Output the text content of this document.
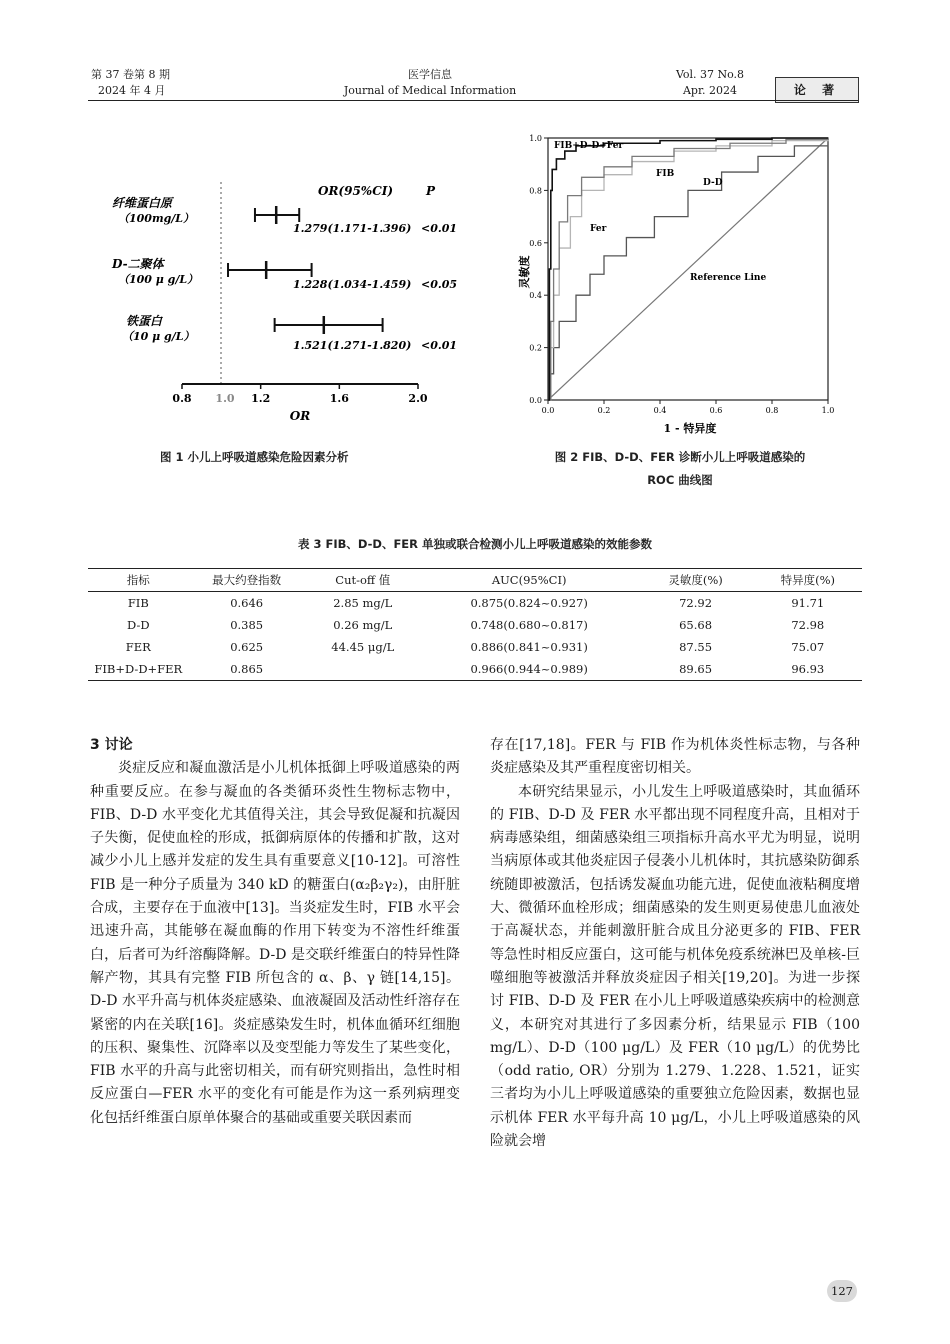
第 37 卷第 8 期
2024 年 4 月
医学信息
Journal of Medical Information
Vol. 37 No.8
Apr. 2024	论 著
OR(95%CI)	P
纤维蛋白原
（100mg/L）
D-二聚体
（100 μ g/L）
铁蛋白
（10 μ g/L）
1.279(1.171-1.396) <0.01
1.228(1.034-1.459) <0.05
1.521(1.271-1.820) <0.01
0.8	1.2	1.6	2.0
1.0
OR
图 1 小儿上呼吸道感染危险因素分析
0.0	0.2	0.4	0.6	0.8	1.0
0.0
0.2
0.4
0.6
0.8
1.0
FIB+D-D+Fer
FIB
D-D
Fer
Reference Line
灵敏度
1 - 特异度
图 2 FIB、D-D、FER 诊断小儿上呼吸道感染的
ROC 曲线图
表 3 FIB、D-D、FER 单独或联合检测小儿上呼吸道感染的效能参数
指标	最大约登指数	Cut-off 值	AUC(95%CI)	灵敏度(%)	特异度(%)
FIB	0.646	2.85 mg/L	0.875(0.824~0.927)	72.92	91.71
D-D	0.385	0.26 mg/L	0.748(0.680~0.817)	65.68	72.98
FER	0.625	44.45 μg/L	0.886(0.841~0.931)	87.55	75.07
FIB+D-D+FER	0.865		0.966(0.944~0.989)	89.65	96.93

3 讨论

炎症反应和凝血激活是小儿机体抵御上呼吸道感染的两种重要反应。在参与凝血的各类循环炎性生物标志物中，FIB、D-D 水平变化尤其值得关注，其会导致促凝和抗凝因子失衡，促使血栓的形成，抵御病原体的传播和扩散，这对减少小儿上感并发症的发生具有重要意义[10-12]。可溶性 FIB 是一种分子质量为 340 kD 的糖蛋白(α₂β₂γ₂)，由肝脏合成，主要存在于血液中[13]。当炎症发生时，FIB 水平会迅速升高，其能够在凝血酶的作用下转变为不溶性纤维蛋白，后者可为纤溶酶降解。D-D 是交联纤维蛋白的特异性降解产物，其具有完整 FIB 所包含的 α、β、γ 链[14,15]。D-D 水平升高与机体炎症感染、血液凝固及活动性纤溶存在紧密的内在关联[16]。炎症感染发生时，机体血循环红细胞的压积、聚集性、沉降率以及变型能力等发生了某些变化，FIB 水平的升高与此密切相关，而有研究则指出，急性时相反应蛋白—FER 水平的变化有可能是作为这一系列病理变化包括纤维蛋白原单体聚合的基础或重要关联因素而

存在[17,18]。FER 与 FIB 作为机体炎性标志物，与各种炎症感染及其严重程度密切相关。

本研究结果显示，小儿发生上呼吸道感染时，其血循环的 FIB、D-D 及 FER 水平都出现不同程度升高，且相对于病毒感染组，细菌感染组三项指标升高水平尤为明显，说明当病原体或其他炎症因子侵袭小儿机体时，其抗感染防御系统随即被激活，包括诱发凝血功能亢进，促使血液粘稠度增大、微循环血栓形成；细菌感染的发生则更易使患儿血液处于高凝状态，并能刺激肝脏合成且分泌更多的 FIB、FER 等急性时相反应蛋白，这可能与机体免疫系统淋巴及单核-巨噬细胞等被激活并释放炎症因子相关[19,20]。为进一步探讨 FIB、D-D 及 FER 在小儿上呼吸道感染疾病中的检测意义，本研究对其进行了多因素分析，结果显示 FIB（100 mg/L）、D-D（100 μg/L）及 FER（10 μg/L）的优势比（odd ratio, OR）分别为 1.279、1.228、1.521，证实三者均为小儿上呼吸道感染的重要独立危险因素，数据也显示机体 FER 水平每升高 10 μg/L，小儿上呼吸道感染的风险就会增

127
